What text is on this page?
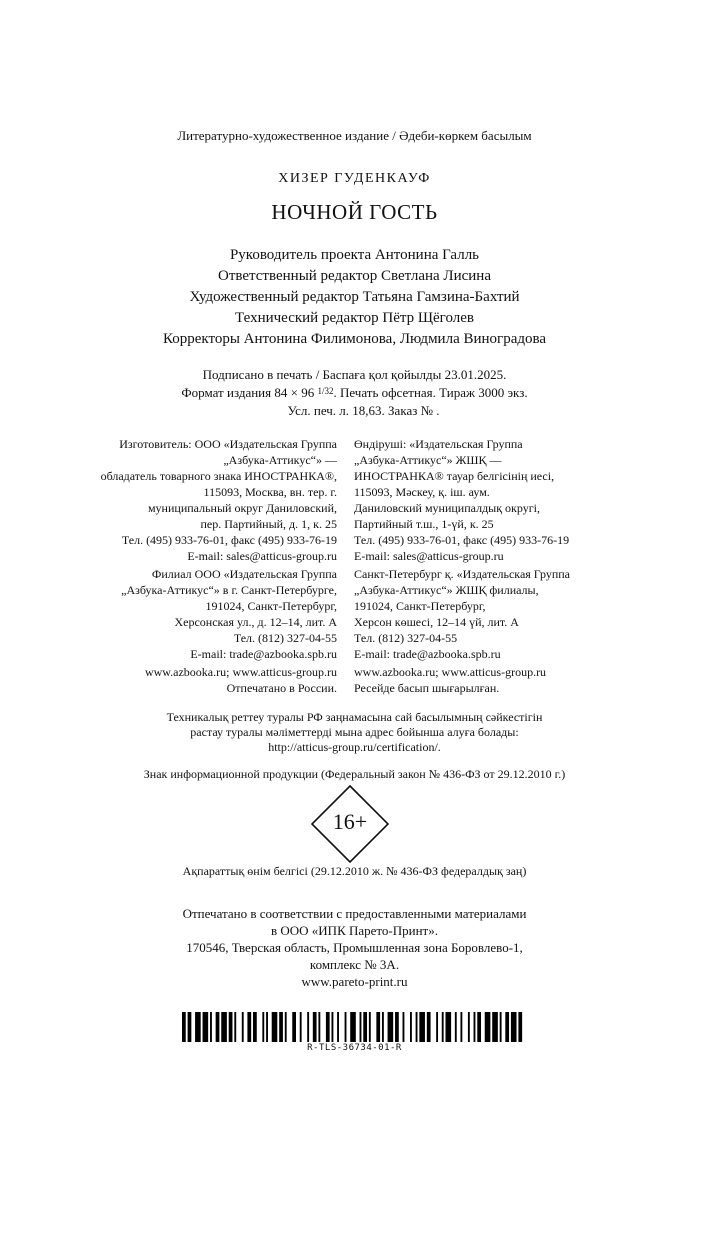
Литературно-художественное издание / Әдеби-көркем басылым
ХИЗЕР ГУДЕНКАУФ
НОЧНОЙ ГОСТЬ
Руководитель проекта Антонина Галль
Ответственный редактор Светлана Лисина
Художественный редактор Татьяна Гамзина-Бахтий
Технический редактор Пётр Щёголев
Корректоры Антонина Филимонова, Людмила Виноградова
Подписано в печать / Баспаға қол қойылды 23.01.2025.
Формат издания 84 × 96 $^{1/32}$. Печать офсетная. Тираж 3000 экз.
Усл. печ. л. 18,63. Заказ № .
Изготовитель: ООО «Издательская Группа
„Азбука-Аттикус“» —
обладатель товарного знака ИНОСТРАНКА®,
115093, Москва, вн. тер. г.
муниципальный округ Даниловский,
пер. Партийный, д. 1, к. 25
Тел. (495) 933-76-01, факс (495) 933-76-19
E-mail: sales@atticus-group.ru
Өндіруші: «Издательская Группа
„Азбука-Аттикус“» ЖШҚ —
ИНОСТРАНКА® тауар белгісінің иесі,
115093, Мәскеу, қ. іш. аум.
Даниловский муниципалдық округі,
Партийный т.ш., 1-үй, к. 25
Тел. (495) 933-76-01, факс (495) 933-76-19
E-mail: sales@atticus-group.ru
Филиал ООО «Издательская Группа
„Азбука-Аттикус“» в г. Санкт-Петербурге,
191024, Санкт-Петербург,
Херсонская ул., д. 12–14, лит. А
Тел. (812) 327-04-55
E-mail: trade@azbooka.spb.ru
Санкт-Петербург қ. «Издательская Группа
„Азбука-Аттикус“» ЖШҚ филиалы,
191024, Санкт-Петербург,
Херсон көшесі, 12–14 үй, лит. А
Тел. (812) 327-04-55
E-mail: trade@azbooka.spb.ru
www.azbooka.ru; www.atticus-group.ru
Отпечатано в России.
www.azbooka.ru; www.atticus-group.ru
Ресейде басып шығарылған.
Техникалық реттеу туралы РФ заңнамасына сай басылымның сәйкестігін
растау туралы мәліметтерді мына адрес бойынша алуға болады:
http://atticus-group.ru/certification/.
Знак информационной продукции (Федеральный закон № 436-ФЗ от 29.12.2010 г.)
16+
Ақпараттық өнім белгісі (29.12.2010 ж. № 436-ФЗ федералдық заң)
Отпечатано в соответствии с предоставленными материалами
в ООО «ИПК Парето-Принт».
170546, Тверская область, Промышленная зона Боровлево-1,
комплекс № 3А.
www.pareto-print.ru
R-TLS-36734-01-R
